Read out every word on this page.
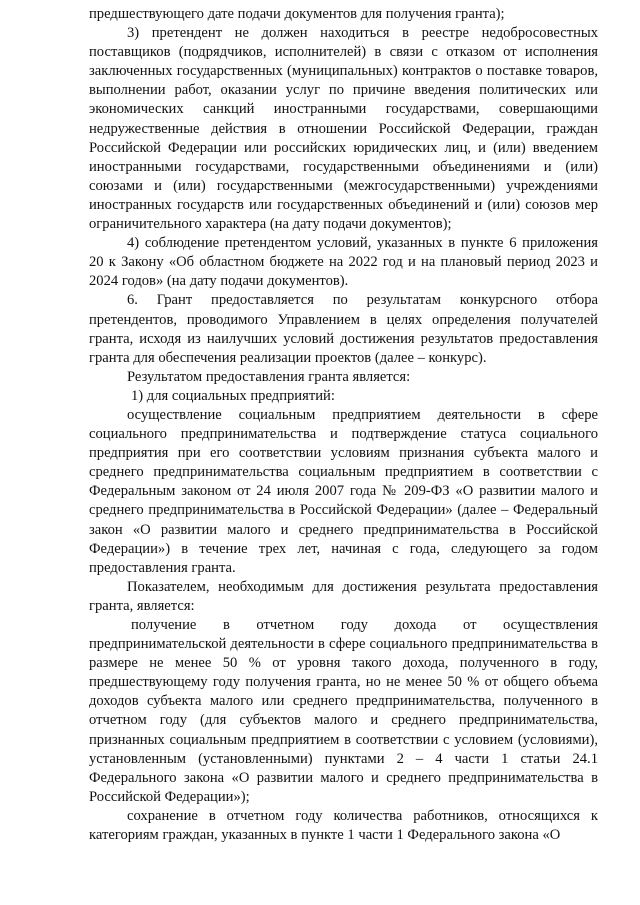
предшествующего дате подачи документов для получения гранта);

3) претендент не должен находиться в реестре недобросовестных поставщиков (подрядчиков, исполнителей) в связи с отказом от исполнения заключенных государственных (муниципальных) контрактов о поставке товаров, выполнении работ, оказании услуг по причине введения политических или экономических санкций иностранными государствами, совершающими недружественные действия в отношении Российской Федерации, граждан Российской Федерации или российских юридических лиц, и (или) введением иностранными государствами, государственными объединениями и (или) союзами и (или) государственными (межгосударственными) учреждениями иностранных государств или государственных объединений и (или) союзов мер ограничительного характера (на дату подачи документов);

4) соблюдение претендентом условий, указанных в пункте 6 приложения 20 к Закону «Об областном бюджете на 2022 год и на плановый период 2023 и 2024 годов» (на дату подачи документов).

6. Грант предоставляется по результатам конкурсного отбора претендентов, проводимого Управлением в целях определения получателей гранта, исходя из наилучших условий достижения результатов предоставления гранта для обеспечения реализации проектов (далее – конкурс).

Результатом предоставления гранта является:

1) для социальных предприятий:

осуществление социальным предприятием деятельности в сфере социального предпринимательства и подтверждение статуса социального предприятия при его соответствии условиям признания субъекта малого и среднего предпринимательства социальным предприятием в соответствии с Федеральным законом от 24 июля 2007 года № 209-ФЗ «О развитии малого и среднего предпринимательства в Российской Федерации» (далее – Федеральный закон «О развитии малого и среднего предпринимательства в Российской Федерации») в течение трех лет, начиная с года, следующего за годом предоставления гранта.

Показателем, необходимым для достижения результата предоставления гранта, является:

получение в отчетном году дохода от осуществления предпринимательской деятельности в сфере социального предпринимательства в размере не менее 50 % от уровня такого дохода, полученного в году, предшествующему году получения гранта, но не менее 50 % от общего объема доходов субъекта малого или среднего предпринимательства, полученного в отчетном году (для субъектов малого и среднего предпринимательства, признанных социальным предприятием в соответствии с условием (условиями), установленным (установленными) пунктами 2 – 4 части 1 статьи 24.1 Федерального закона «О развитии малого и среднего предпринимательства в Российской Федерации»);

сохранение в отчетном году количества работников, относящихся к категориям граждан, указанных в пункте 1 части 1 Федерального закона «О
